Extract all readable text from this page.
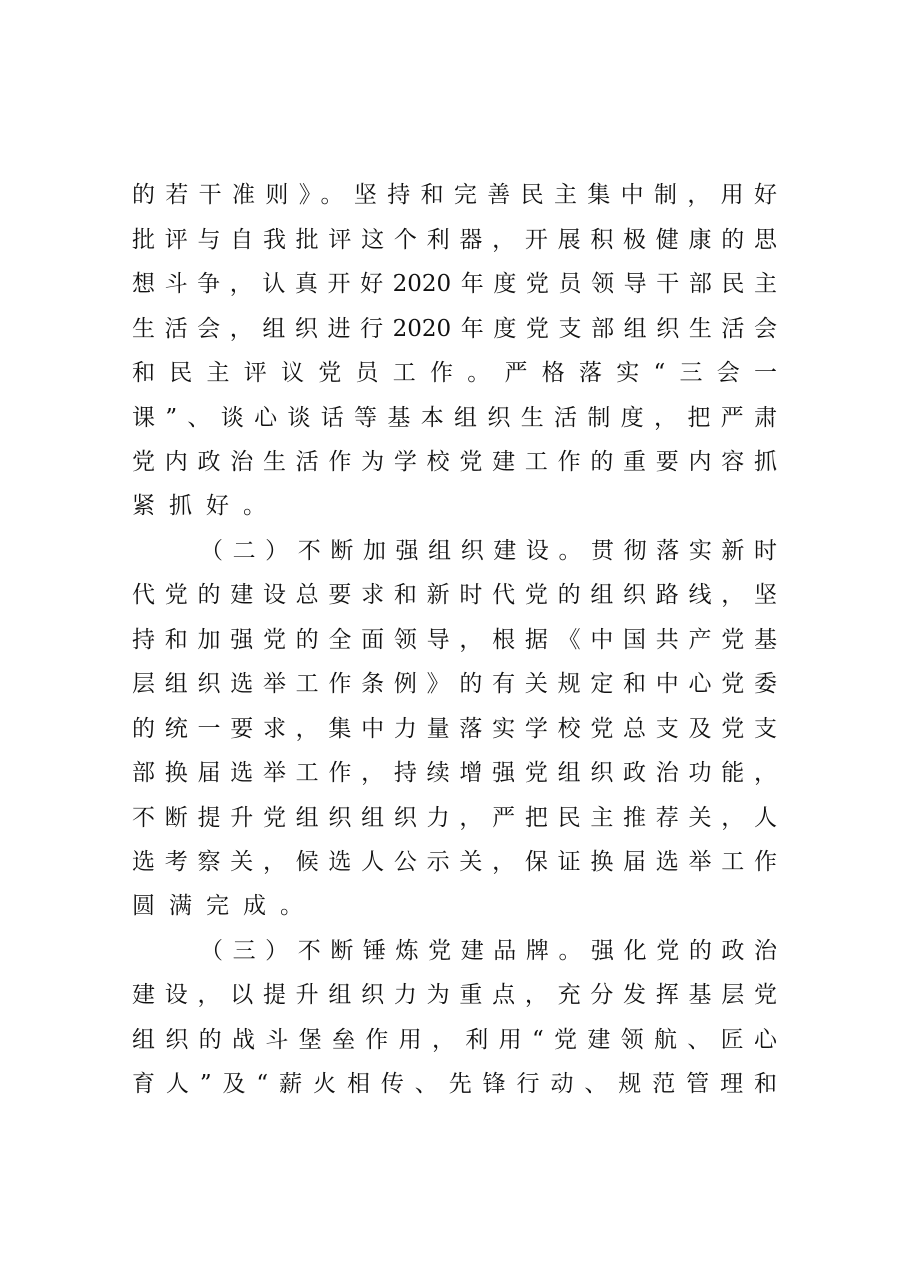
的若干准则》。坚持和完善民主集中制，用好
批评与自我批评这个利器，开展积极健康的思
想斗争，认真开好2020年度党员领导干部民主
生活会，组织进行2020年度党支部组织生活会
和民主评议党员工作。严格落实“三会一
课”、谈心谈话等基本组织生活制度，把严肃
党内政治生活作为学校党建工作的重要内容抓
紧抓好。
（二）不断加强组织建设。贯彻落实新时
代党的建设总要求和新时代党的组织路线，坚
持和加强党的全面领导，根据《中国共产党基
层组织选举工作条例》的有关规定和中心党委
的统一要求，集中力量落实学校党总支及党支
部换届选举工作，持续增强党组织政治功能，
不断提升党组织组织力，严把民主推荐关，人
选考察关，候选人公示关，保证换届选举工作
圆满完成。
（三）不断锤炼党建品牌。强化党的政治
建设，以提升组织力为重点，充分发挥基层党
组织的战斗堡垒作用，利用“党建领航、匠心
育人”及“薪火相传、先锋行动、规范管理和
